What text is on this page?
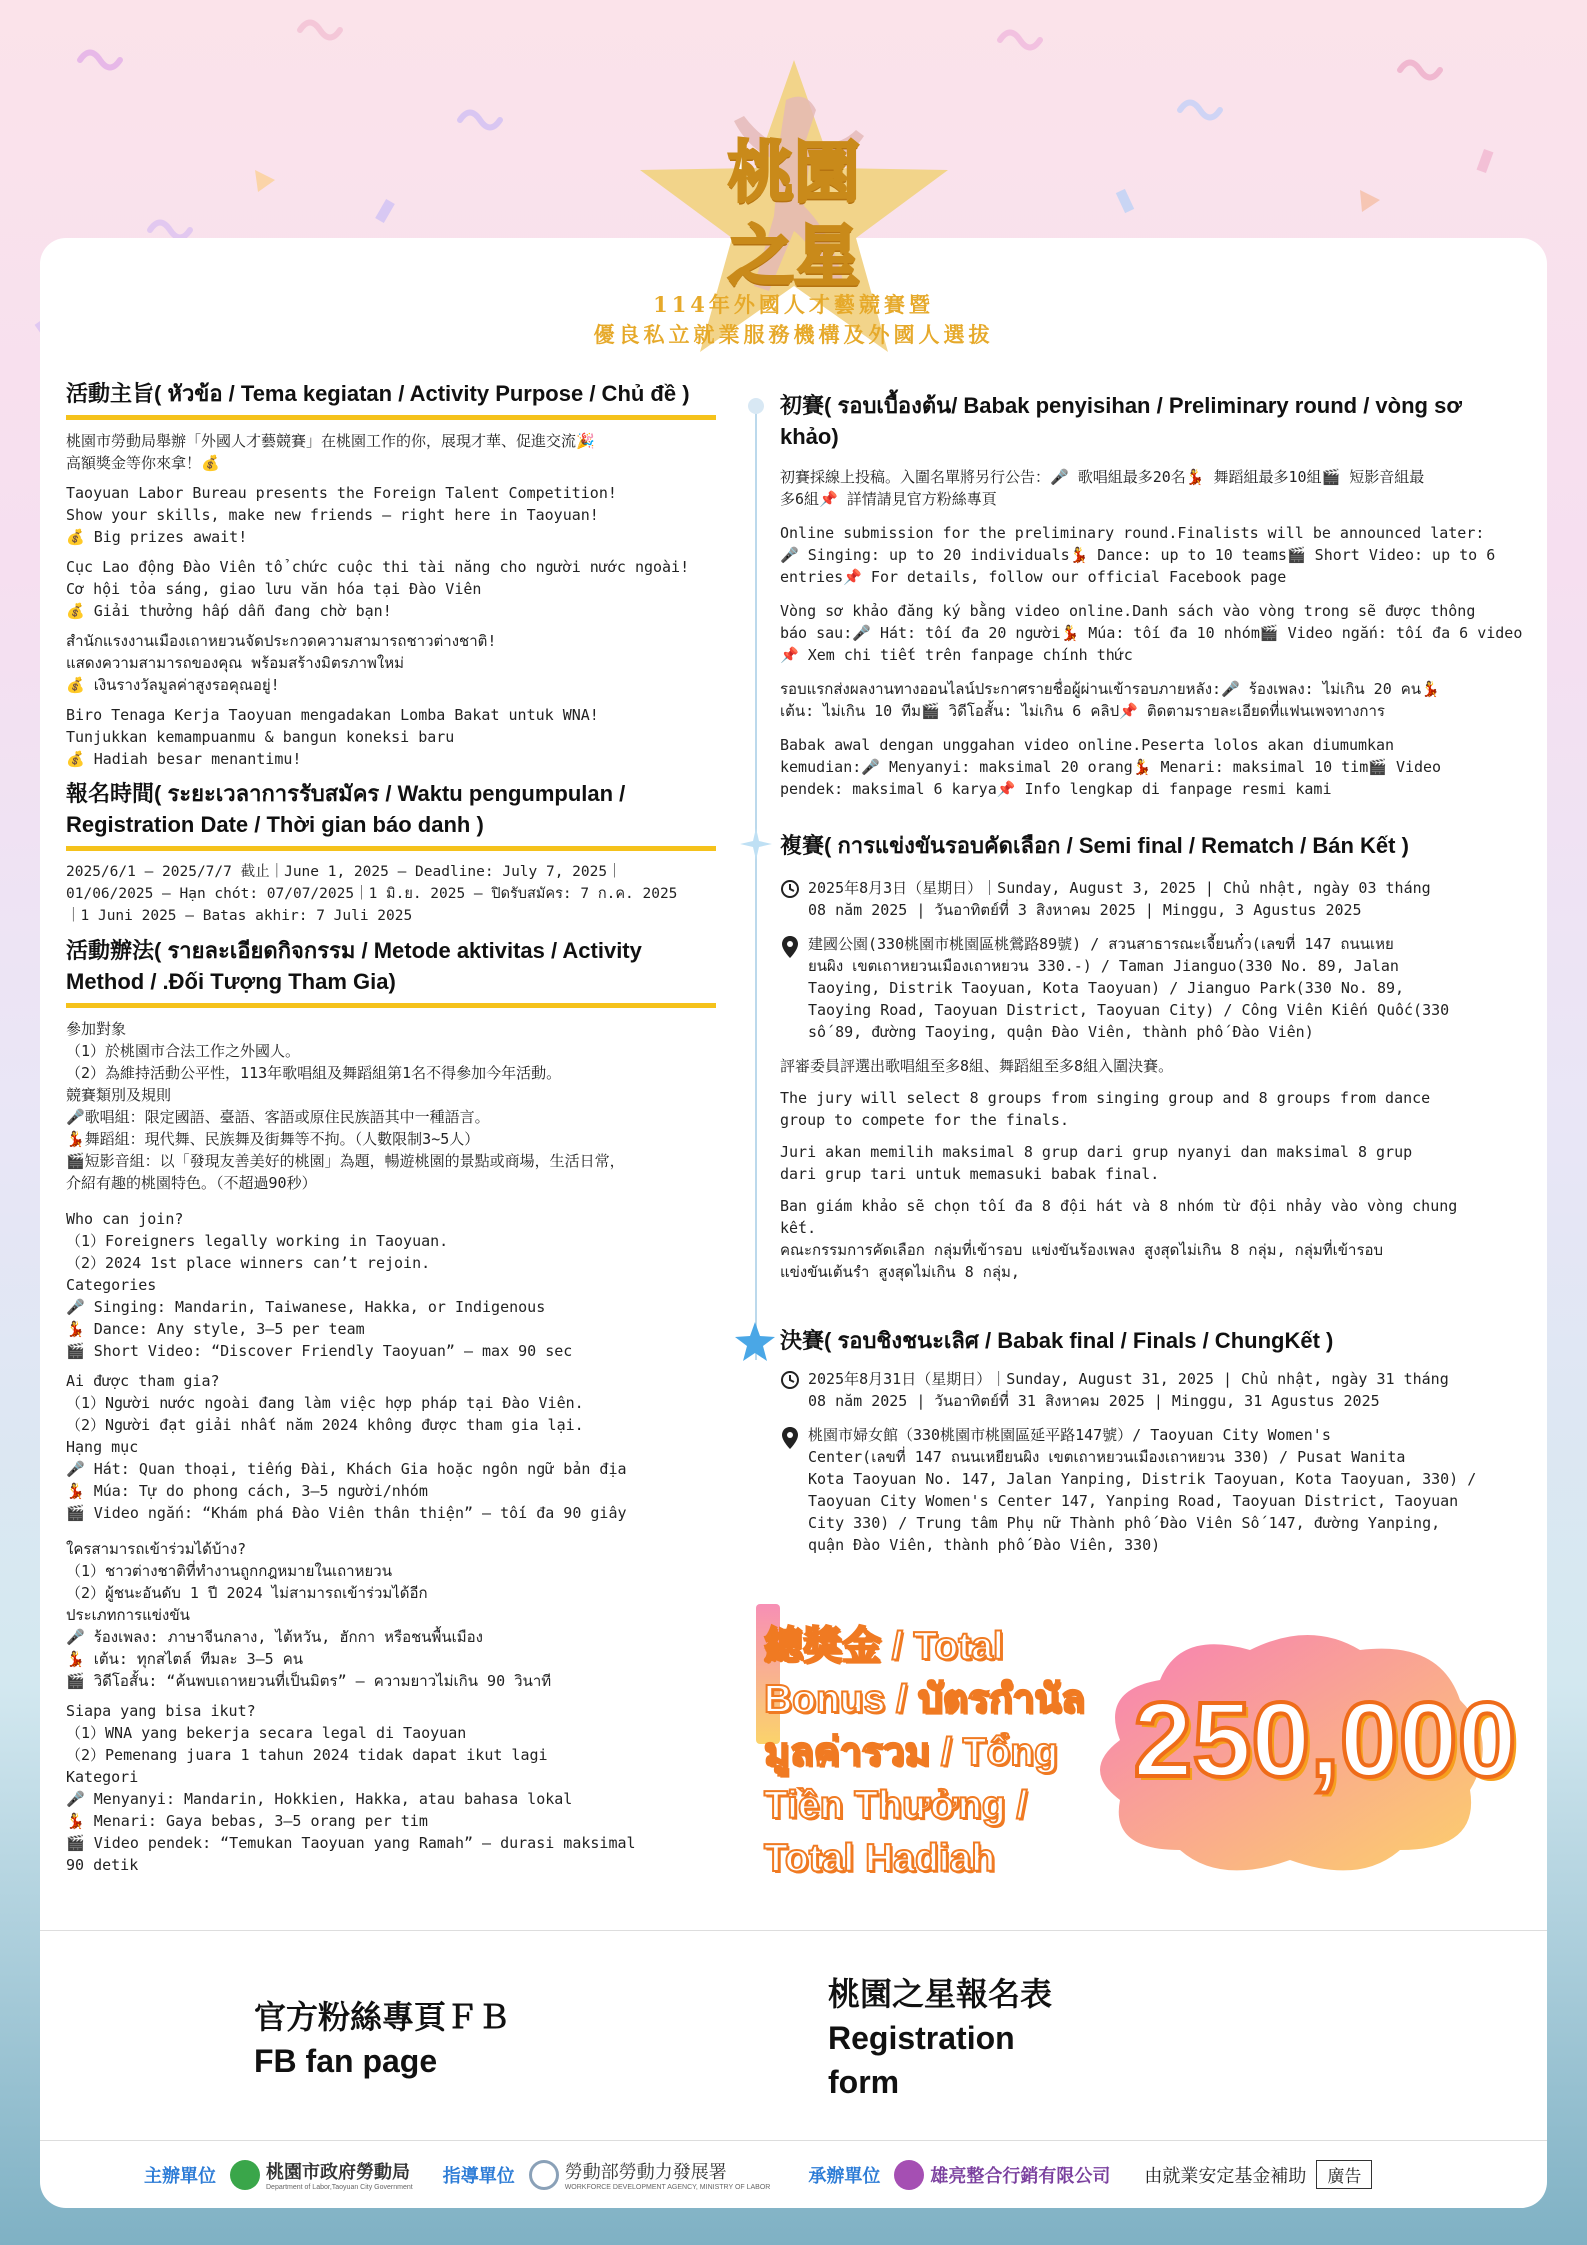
桃園
之星
114年外國人才藝競賽暨
優良私立就業服務機構及外國人選拔
活動主旨( หัวข้อ / Tema kegiatan / Activity Purpose / Chủ đề )
桃園市勞動局舉辦「外國人才藝競賽」在桃園工作的你，展現才華、促進交流🎉
高額獎金等你來拿！💰
Taoyuan Labor Bureau presents the Foreign Talent Competition!
Show your skills, make new friends – right here in Taoyuan!
💰 Big prizes await!
Cục Lao động Đào Viên tổ chức cuộc thi tài năng cho người nước ngoài!
Cơ hội tỏa sáng, giao lưu văn hóa tại Đào Viên
💰 Giải thưởng hấp dẫn đang chờ bạn!
สำนักแรงงานเมืองเถาหยวนจัดประกวดความสามารถชาวต่างชาติ!
แสดงความสามารถของคุณ พร้อมสร้างมิตรภาพใหม่
💰 เงินรางวัลมูลค่าสูงรอคุณอยู่!
Biro Tenaga Kerja Taoyuan mengadakan Lomba Bakat untuk WNA!
Tunjukkan kemampuanmu & bangun koneksi baru
💰 Hadiah besar menantimu!
報名時間( ระยะเวลาการรับสมัคร / Waktu pengumpulan / Registration Date / Thời gian báo danh )
2025/6/1 – 2025/7/7 截止｜June 1, 2025 – Deadline: July 7, 2025｜
01/06/2025 – Hạn chót: 07/07/2025｜1 มิ.ย. 2025 – ปิดรับสมัคร: 7 ก.ค. 2025
｜1 Juni 2025 – Batas akhir: 7 Juli 2025
活動辦法( รายละเอียดกิจกรรม / Metode aktivitas / Activity Method / .Đối Tượng Tham Gia)
參加對象
（1）於桃園市合法工作之外國人。
（2）為維持活動公平性，113年歌唱組及舞蹈組第1名不得參加今年活動。
競賽類別及規則
🎤歌唱組：限定國語、臺語、客語或原住民族語其中一種語言。
💃舞蹈組：現代舞、民族舞及街舞等不拘。（人數限制3~5人）
🎬短影音組：以「發現友善美好的桃園」為題，暢遊桃園的景點或商場，生活日常，
介紹有趣的桃園特色。（不超過90秒）
Who can join?
（1）Foreigners legally working in Taoyuan.
（2）2024 1st place winners can’t rejoin.
Categories
🎤 Singing: Mandarin, Taiwanese, Hakka, or Indigenous
💃 Dance: Any style, 3–5 per team
🎬 Short Video: “Discover Friendly Taoyuan” – max 90 sec
Ai được tham gia?
（1）Người nước ngoài đang làm việc hợp pháp tại Đào Viên.
（2）Người đạt giải nhất năm 2024 không được tham gia lại.
Hạng mục
🎤 Hát: Quan thoại, tiếng Đài, Khách Gia hoặc ngôn ngữ bản địa
💃 Múa: Tự do phong cách, 3–5 người/nhóm
🎬 Video ngắn: “Khám phá Đào Viên thân thiện” – tối đa 90 giây
ใครสามารถเข้าร่วมได้บ้าง?
（1）ชาวต่างชาติที่ทำงานถูกกฎหมายในเถาหยวน
（2）ผู้ชนะอันดับ 1 ปี 2024 ไม่สามารถเข้าร่วมได้อีก
ประเภทการแข่งขัน
🎤 ร้องเพลง: ภาษาจีนกลาง, ไต้หวัน, ฮักกา หรือชนพื้นเมือง
💃 เต้น: ทุกสไตล์ ทีมละ 3–5 คน
🎬 วิดีโอสั้น: “ค้นพบเถาหยวนที่เป็นมิตร” – ความยาวไม่เกิน 90 วินาที
Siapa yang bisa ikut?
（1）WNA yang bekerja secara legal di Taoyuan
（2）Pemenang juara 1 tahun 2024 tidak dapat ikut lagi
Kategori
🎤 Menyanyi: Mandarin, Hokkien, Hakka, atau bahasa lokal
💃 Menari: Gaya bebas, 3–5 orang per tim
🎬 Video pendek: “Temukan Taoyuan yang Ramah” – durasi maksimal
90 detik
初賽( รอบเบื้องต้น/ Babak penyisihan / Preliminary round / vòng sơ khảo)
初賽採線上投稿。入圍名單將另行公告：🎤 歌唱組最多20名💃 舞蹈組最多10組🎬 短影音組最
多6組📌 詳情請見官方粉絲專頁
Online submission for the preliminary round.Finalists will be announced later:
🎤 Singing: up to 20 individuals💃 Dance: up to 10 teams🎬 Short Video: up to 6
entries📌 For details, follow our official Facebook page
Vòng sơ khảo đăng ký bằng video online.Danh sách vào vòng trong sẽ được thông
báo sau:🎤 Hát: tối đa 20 người💃 Múa: tối đa 10 nhóm🎬 Video ngắn: tối đa 6 video
📌 Xem chi tiết trên fanpage chính thức
รอบแรกส่งผลงานทางออนไลน์ประกาศรายชื่อผู้ผ่านเข้ารอบภายหลัง:🎤 ร้องเพลง: ไม่เกิน 20 คน💃
เต้น: ไม่เกิน 10 ทีม🎬 วิดีโอสั้น: ไม่เกิน 6 คลิป📌 ติดตามรายละเอียดที่แฟนเพจทางการ
Babak awal dengan unggahan video online.Peserta lolos akan diumumkan
kemudian:🎤 Menyanyi: maksimal 20 orang💃 Menari: maksimal 10 tim🎬 Video
pendek: maksimal 6 karya📌 Info lengkap di fanpage resmi kami
複賽( การแข่งขันรอบคัดเลือก / Semi final / Rematch / Bán Kết )
2025年8月3日（星期日）｜Sunday, August 3, 2025 | Chủ nhật, ngày 03 tháng
08 năm 2025 | วันอาทิตย์ที่ 3 สิงหาคม 2025 | Minggu, 3 Agustus 2025
建國公園(330桃園市桃園區桃鶯路89號) / สวนสาธารณะเจี้ยนกั๋ว(เลขที่ 147 ถนนเหย
ยนผิง เขตเถาหยวนเมืองเถาหยวน 330.-) / Taman Jianguo(330 No. 89, Jalan
Taoying, Distrik Taoyuan, Kota Taoyuan) / Jianguo Park(330 No. 89,
Taoying Road, Taoyuan District, Taoyuan City) / Công Viên Kiến Quốc(330
số 89, đường Taoying, quận Đào Viên, thành phố Đào Viên)
評審委員評選出歌唱組至多8組、舞蹈組至多8組入圍決賽。
The jury will select 8 groups from singing group and 8 groups from dance
group to compete for the finals.
Juri akan memilih maksimal 8 grup dari grup nyanyi dan maksimal 8 grup
dari grup tari untuk memasuki babak final.
Ban giám khảo sẽ chọn tối đa 8 đội hát và 8 nhóm từ đội nhảy vào vòng chung
kết.
คณะกรรมการคัดเลือก กลุ่มที่เข้ารอบ แข่งขันร้องเพลง สูงสุดไม่เกิน 8 กลุ่ม, กลุ่มที่เข้ารอบ
แข่งขันเต้นรำ สูงสุดไม่เกิน 8 กลุ่ม,
決賽( รอบชิงชนะเลิศ / Babak final / Finals / ChungKết )
2025年8月31日（星期日）｜Sunday, August 31, 2025 | Chủ nhật, ngày 31 tháng
08 năm 2025 | วันอาทิตย์ที่ 31 สิงหาคม 2025 | Minggu, 31 Agustus 2025
桃園市婦女館（330桃園市桃園區延平路147號）/ Taoyuan City Women's
Center(เลขที่ 147 ถนนเหยียนผิง เขตเถาหยวนเมืองเถาหยวน 330) / Pusat Wanita
Kota Taoyuan No. 147, Jalan Yanping, Distrik Taoyuan, Kota Taoyuan, 330) /
Taoyuan City Women's Center 147, Yanping Road, Taoyuan District, Taoyuan
City 330) / Trung tâm Phụ nữ Thành phố Đào Viên Số 147, đường Yanping,
quận Đào Viên, thành phố Đào Viên, 330)
總獎金 / Total Bonus / บัตรกำนัล มูลค่ารวม / Tổng Tiền Thưởng / Total Hadiah
250,000
官方粉絲專頁ＦＢ
FB fan page
桃園之星報名表
Registration
form
主辦單位	桃園市政府勞動局
Department of Labor,Taoyuan City Government
指導單位	勞動部勞動力發展署
WORKFORCE DEVELOPMENT AGENCY, MINISTRY OF LABOR
承辦單位	雄亮整合行銷有限公司 由就業安定基金補助	廣告
